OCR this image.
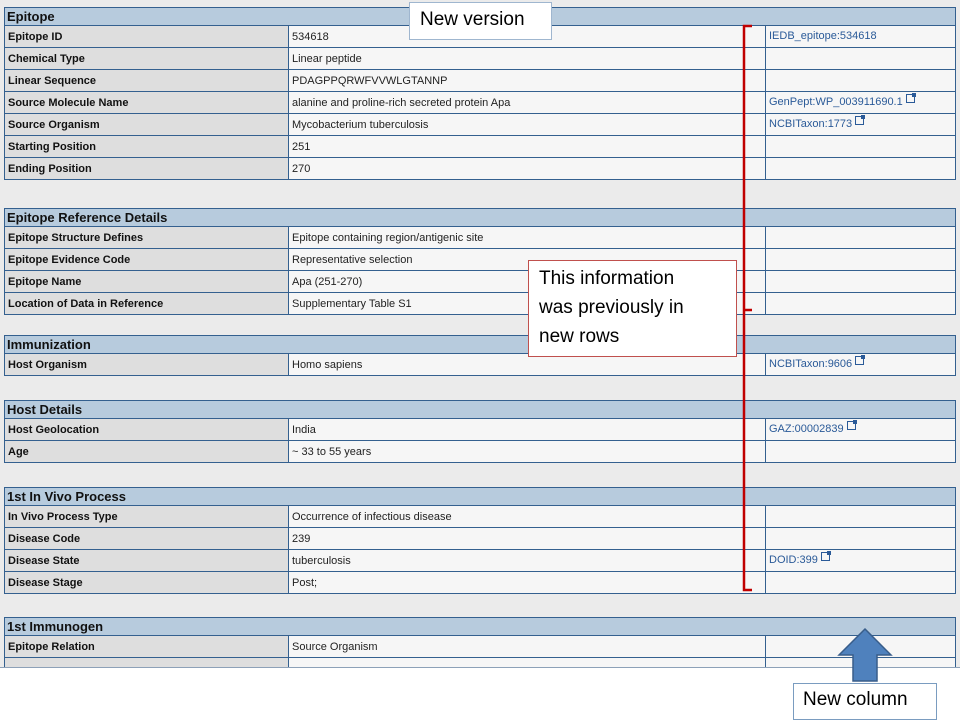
Epitope
Epitope ID	534618	IEDB_epitope:534618
Chemical Type	Linear peptide
Linear Sequence	PDAGPPQRWFVVWLGTANNP
Source Molecule Name	alanine and proline-rich secreted protein Apa	GenPept:WP_003911690.1
Source Organism	Mycobacterium tuberculosis	NCBITaxon:1773
Starting Position	251
Ending Position	270
Epitope Reference Details
Epitope Structure Defines	Epitope containing region/antigenic site
Epitope Evidence Code	Representative selection
Epitope Name	Apa (251-270)
Location of Data in Reference	Supplementary Table S1
Immunization
Host Organism	Homo sapiens	NCBITaxon:9606
Host Details
Host Geolocation	India	GAZ:00002839
Age	~ 33 to 55 years
1st In Vivo Process
In Vivo Process Type	Occurrence of infectious disease
Disease Code	239
Disease State	tuberculosis	DOID:399
Disease Stage	Post;
1st Immunogen
Epitope Relation	Source Organism
New version
This information
was previously in
new rows
New column
